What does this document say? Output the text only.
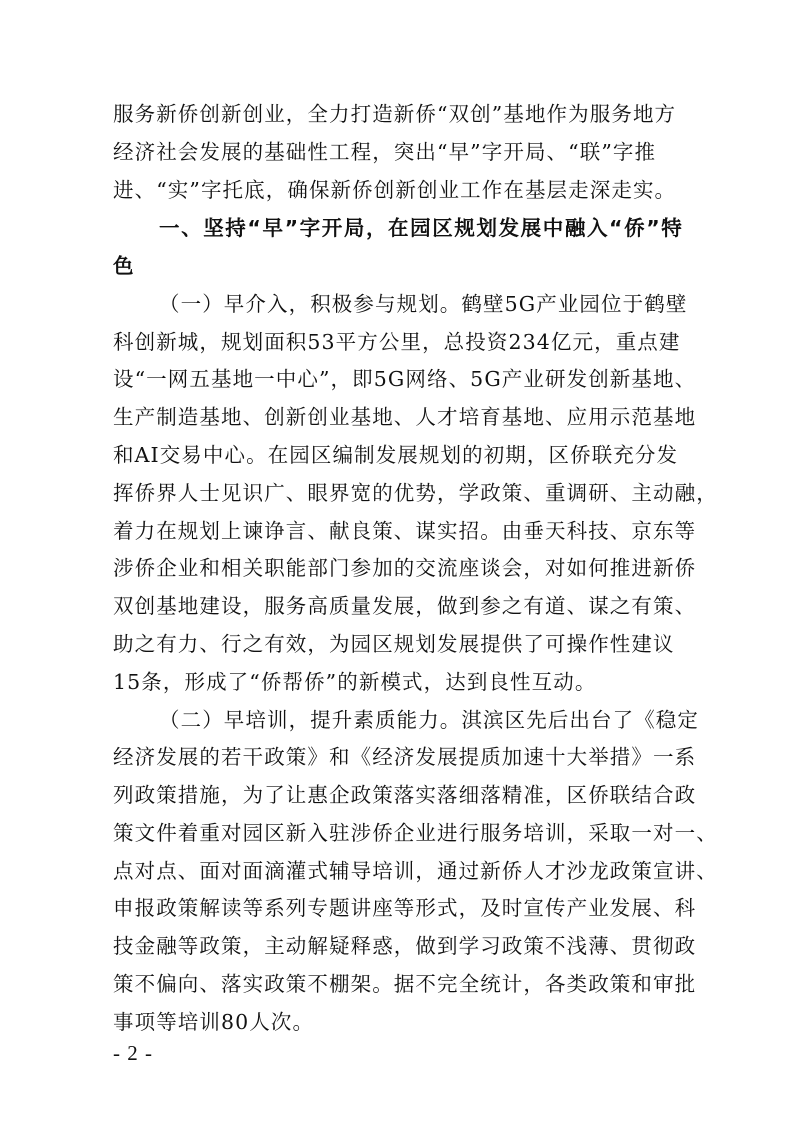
服务新侨创新创业，全力打造新侨“双创”基地作为服务地方
经济社会发展的基础性工程，突出“早”字开局、“联”字推
进、“实”字托底，确保新侨创新创业工作在基层走深走实。
一、坚持“早”字开局，在园区规划发展中融入“侨”特
色
（一）早介入，积极参与规划。鹤壁5G产业园位于鹤壁
科创新城，规划面积53平方公里，总投资234亿元，重点建
设“一网五基地一中心”，即5G网络、5G产业研发创新基地、
生产制造基地、创新创业基地、人才培育基地、应用示范基地
和AI交易中心。在园区编制发展规划的初期，区侨联充分发
挥侨界人士见识广、眼界宽的优势，学政策、重调研、主动融，
着力在规划上谏诤言、献良策、谋实招。由垂天科技、京东等
涉侨企业和相关职能部门参加的交流座谈会，对如何推进新侨
双创基地建设，服务高质量发展，做到参之有道、谋之有策、
助之有力、行之有效，为园区规划发展提供了可操作性建议
15条，形成了“侨帮侨”的新模式，达到良性互动。
（二）早培训，提升素质能力。淇滨区先后出台了《稳定
经济发展的若干政策》和《经济发展提质加速十大举措》一系
列政策措施，为了让惠企政策落实落细落精准，区侨联结合政
策文件着重对园区新入驻涉侨企业进行服务培训，采取一对一、
点对点、面对面滴灌式辅导培训，通过新侨人才沙龙政策宣讲、
申报政策解读等系列专题讲座等形式，及时宣传产业发展、科
技金融等政策，主动解疑释惑，做到学习政策不浅薄、贯彻政
策不偏向、落实政策不棚架。据不完全统计，各类政策和审批
事项等培训80人次。
- 2 -
